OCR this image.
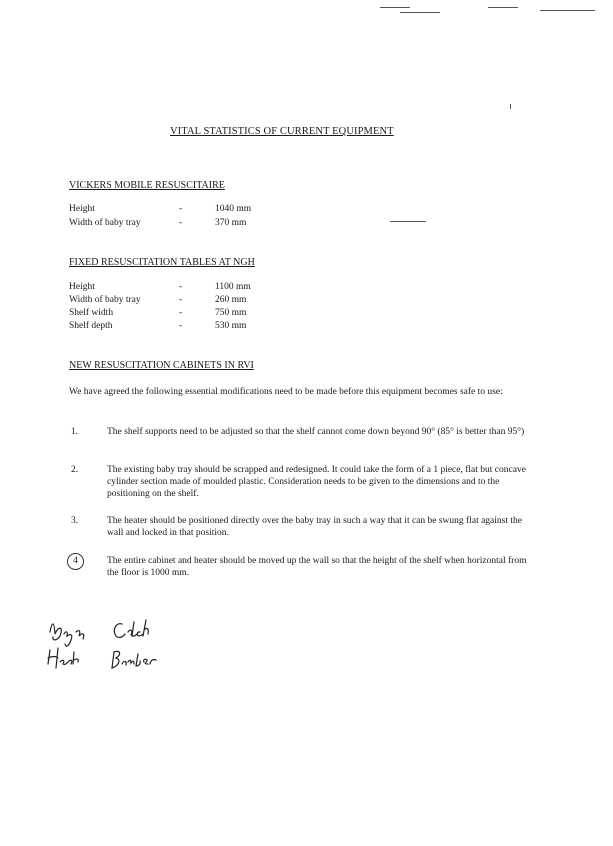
VITAL STATISTICS OF CURRENT EQUIPMENT
VICKERS MOBILE RESUSCITAIRE
Height	-	1040 mm
Width of baby tray	-	370 mm
FIXED RESUSCITATION TABLES AT NGH
Height	-	1100 mm
Width of baby tray	-	260 mm
Shelf width	-	750 mm
Shelf depth	-	530 mm
NEW RESUSCITATION CABINETS IN RVI
We have agreed the following essential modifications need to be made before this equipment becomes safe to use:
1.	The shelf supports need to be adjusted so that the shelf cannot come down beyond 90° (85° is better than 95°)
2.	The existing baby tray should be scrapped and redesigned. It could take the form of a 1 piece, flat but concave cylinder section made of moulded plastic. Consideration needs to be given to the dimensions and to the positioning on the shelf.
3.	The heater should be positioned directly over the baby tray in such a way that it can be swung flat against the wall and locked in that position.
4	The entire cabinet and heater should be moved up the wall so that the height of the shelf when horizontal from the floor is 1000 mm.
